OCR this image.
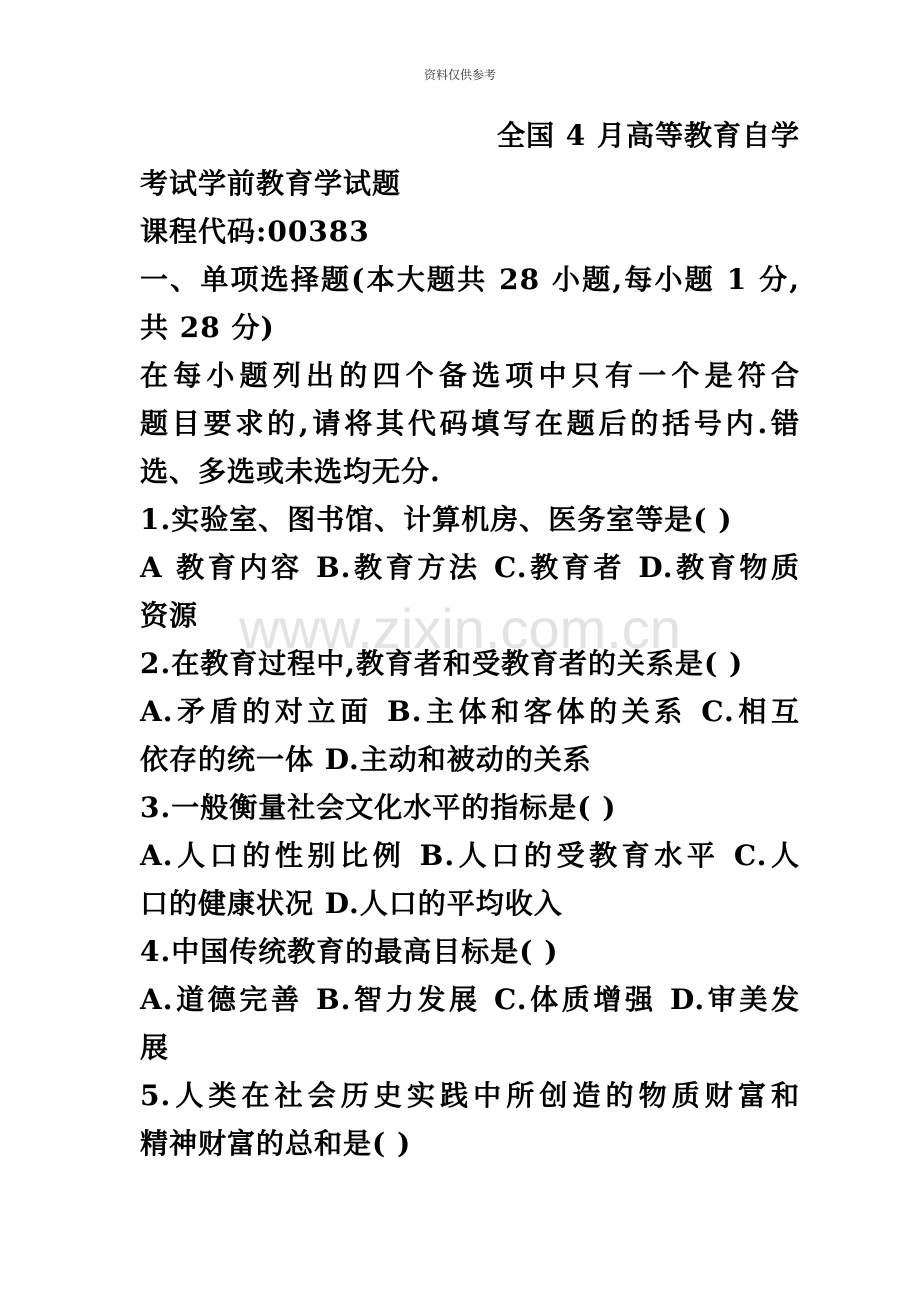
资料仅供参考
www.zixin.com.cn
全国 4 月高等教育自学
考试学前教育学试题
课程代码:00383
一、单项选择题(本大题共 28 小题,每小题 1 分,
共 28 分)
在每小题列出的四个备选项中只有一个是符合
题目要求的,请将其代码填写在题后的括号内.错
选、多选或未选均无分.
1.实验室、图书馆、计算机房、医务室等是( )
A 教育内容 B.教育方法 C.教育者 D.教育物质
资源
2.在教育过程中,教育者和受教育者的关系是( )
A.矛盾的对立面 B.主体和客体的关系 C.相互
依存的统一体 D.主动和被动的关系
3.一般衡量社会文化水平的指标是( )
A.人口的性别比例 B.人口的受教育水平 C.人
口的健康状况 D.人口的平均收入
4.中国传统教育的最高目标是( )
A.道德完善 B.智力发展 C.体质增强 D.审美发
展
5.人类在社会历史实践中所创造的物质财富和
精神财富的总和是( )
